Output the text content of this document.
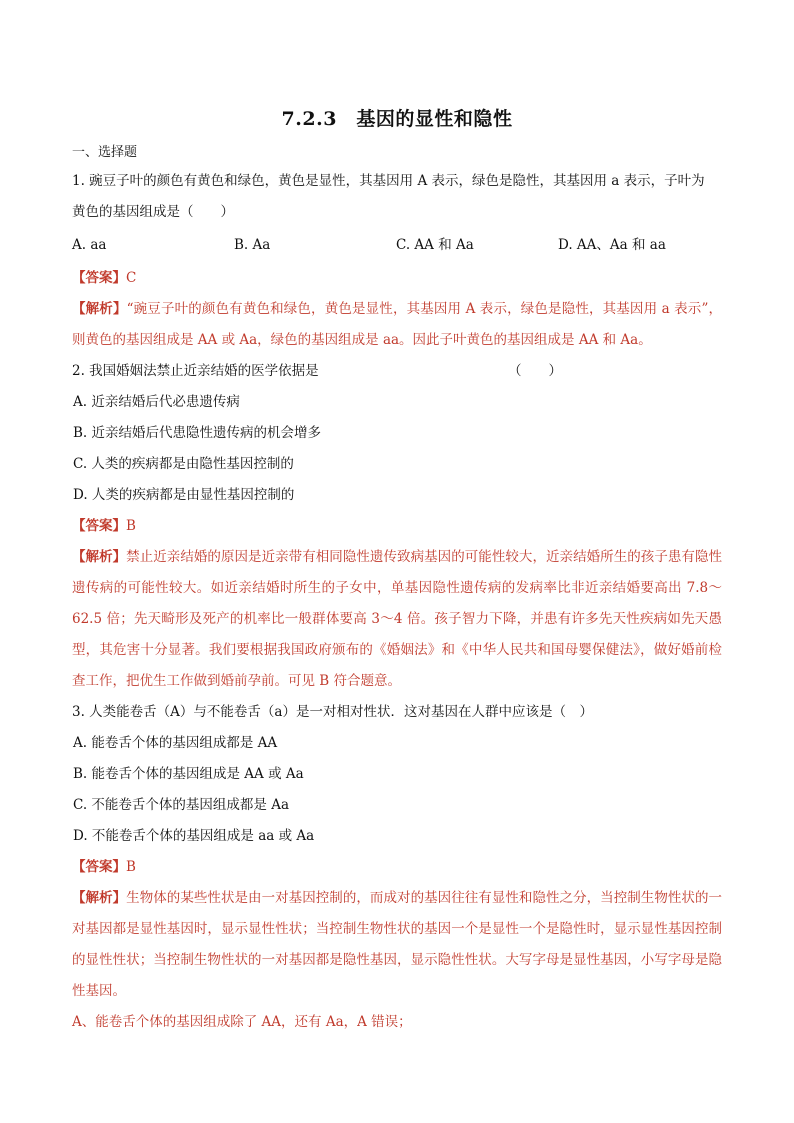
7.2.3　基因的显性和隐性

一、选择题

1. 豌豆子叶的颜色有黄色和绿色，黄色是显性，其基因用 A 表示，绿色是隐性，其基因用 a 表示，子叶为

黄色的基因组成是（　　）

A. aa	B. Aa	C. AA 和 Aa	D. AA、Aa 和 aa

【答案】C

【解析】“豌豆子叶的颜色有黄色和绿色，黄色是显性，其基因用 A 表示，绿色是隐性，其基因用 a 表示”，则黄色的基因组成是 AA 或 Aa，绿色的基因组成是 aa。因此子叶黄色的基因组成是 AA 和 Aa。

2. 我国婚姻法禁止近亲结婚的医学依据是	（　　）

A. 近亲结婚后代必患遗传病

B. 近亲结婚后代患隐性遗传病的机会增多

C. 人类的疾病都是由隐性基因控制的

D. 人类的疾病都是由显性基因控制的

【答案】B

【解析】禁止近亲结婚的原因是近亲带有相同隐性遗传致病基因的可能性较大，近亲结婚所生的孩子患有隐性遗传病的可能性较大。如近亲结婚时所生的子女中，单基因隐性遗传病的发病率比非近亲结婚要高出 7.8～62.5 倍；先天畸形及死产的机率比一般群体要高 3～4 倍。孩子智力下降，并患有许多先天性疾病如先天愚型，其危害十分显著。我们要根据我国政府颁布的《婚姻法》和《中华人民共和国母婴保健法》，做好婚前检查工作，把优生工作做到婚前孕前。可见 B 符合题意。

3. 人类能卷舌（A）与不能卷舌（a）是一对相对性状．这对基因在人群中应该是（　）

A. 能卷舌个体的基因组成都是 AA

B. 能卷舌个体的基因组成是 AA 或 Aa

C. 不能卷舌个体的基因组成都是 Aa

D. 不能卷舌个体的基因组成是 aa 或 Aa

【答案】B

【解析】生物体的某些性状是由一对基因控制的，而成对的基因往往有显性和隐性之分，当控制生物性状的一对基因都是显性基因时，显示显性性状；当控制生物性状的基因一个是显性一个是隐性时，显示显性基因控制的显性性状；当控制生物性状的一对基因都是隐性基因，显示隐性性状。大写字母是显性基因，小写字母是隐性基因。

A、能卷舌个体的基因组成除了 AA，还有 Aa，A 错误；
